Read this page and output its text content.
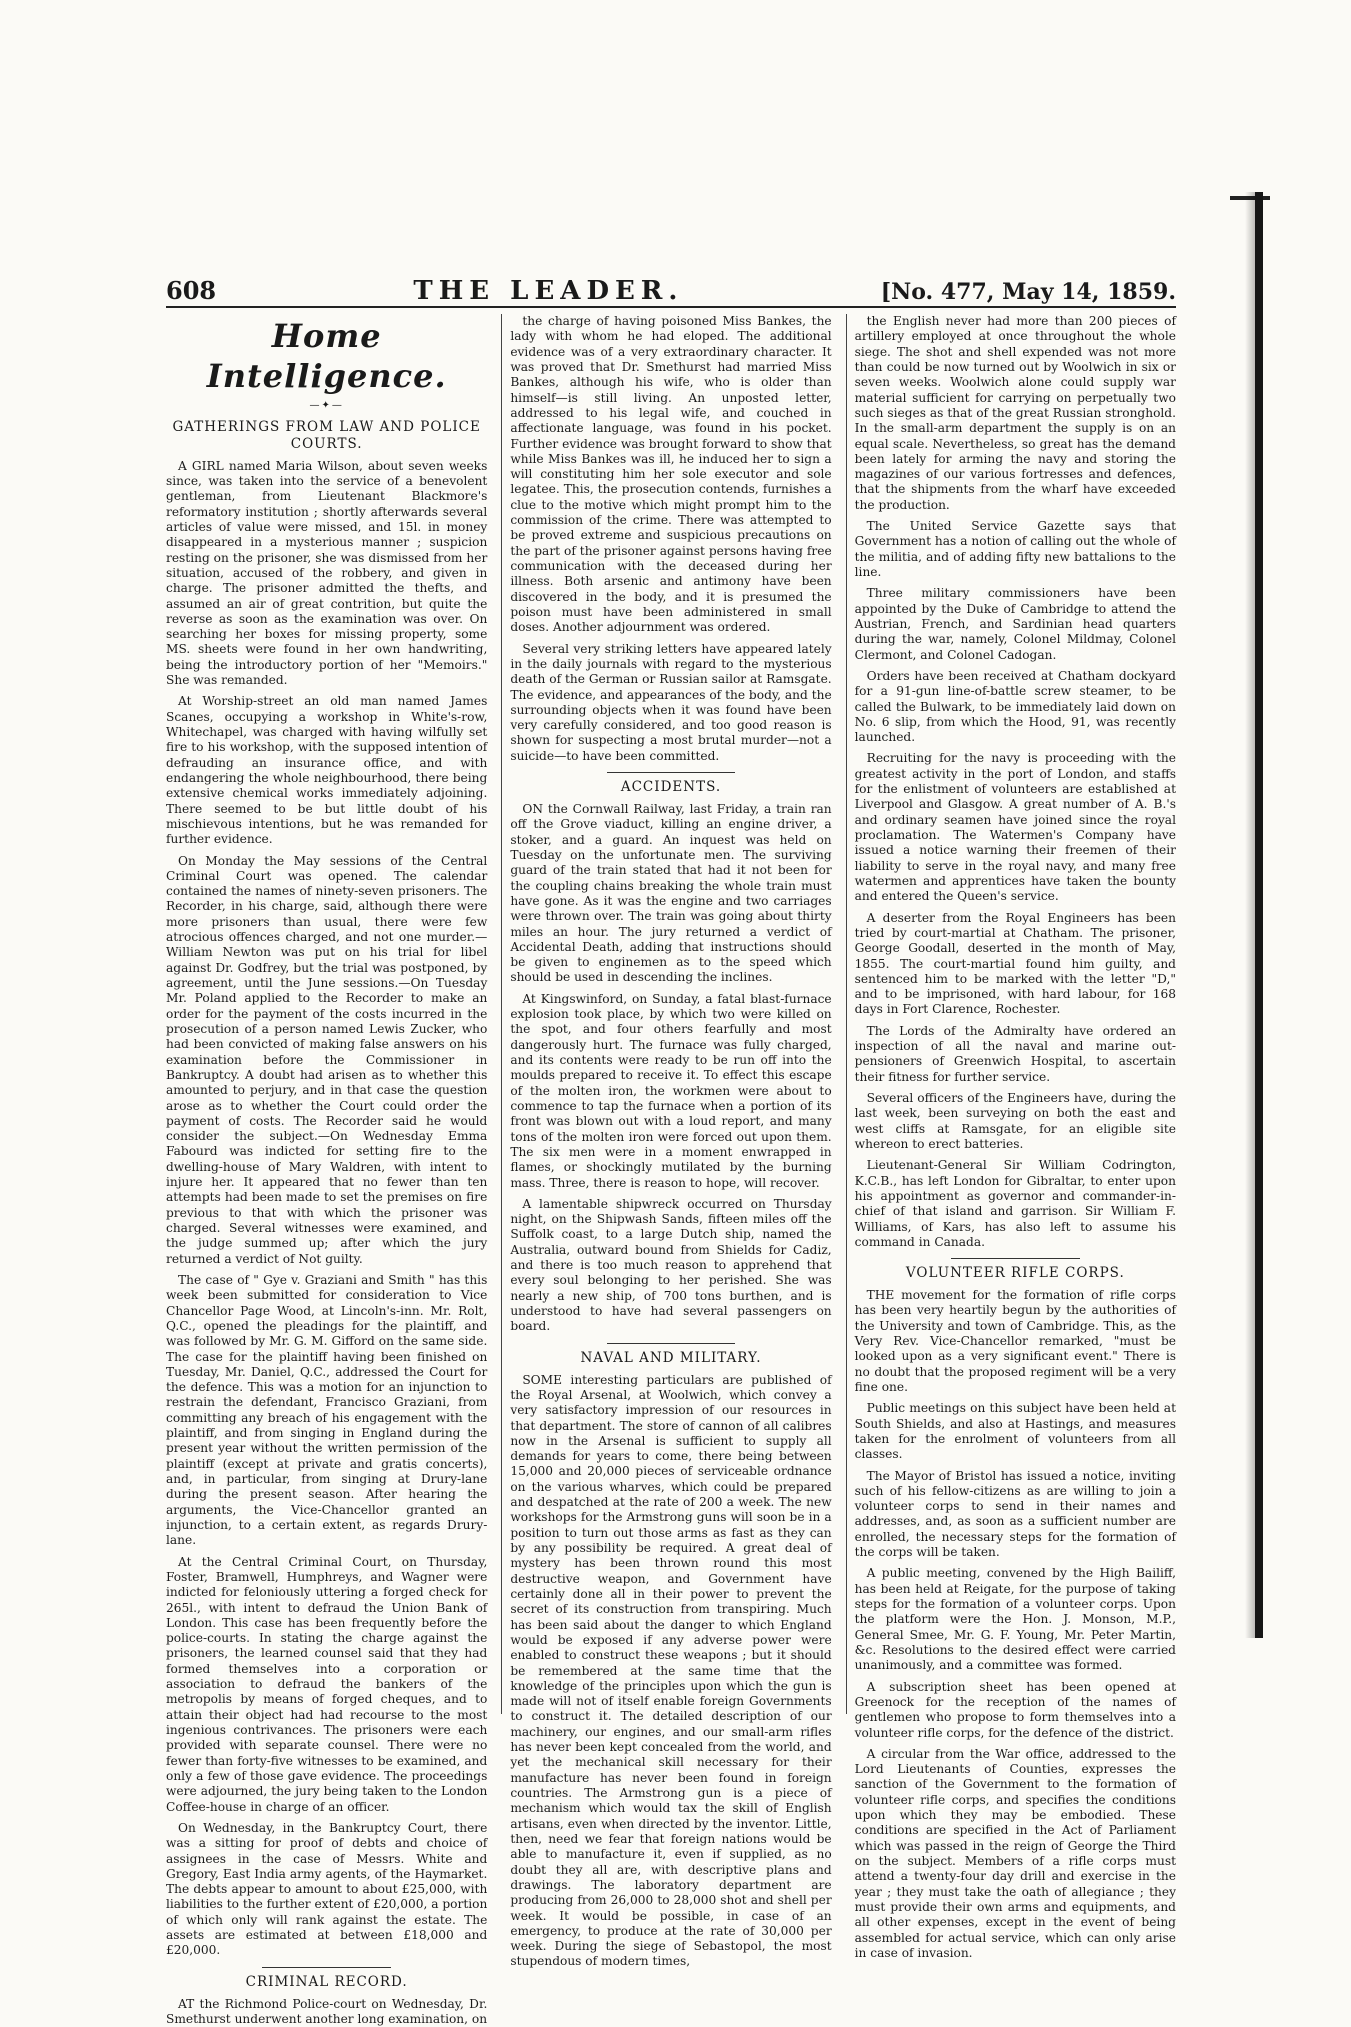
608	THE LEADER.	[No. 477, May 14, 1859.
Home Intelligence.
—✦—
GATHERINGS FROM LAW AND POLICE COURTS.

A GIRL named Maria Wilson, about seven weeks since, was taken into the service of a benevolent gentleman, from Lieutenant Blackmore's reformatory institution ; shortly afterwards several articles of value were missed, and 15l. in money disappeared in a mysterious manner ; suspicion resting on the prisoner, she was dismissed from her situation, accused of the robbery, and given in charge. The prisoner admitted the thefts, and assumed an air of great contrition, but quite the reverse as soon as the examination was over. On searching her boxes for missing property, some MS. sheets were found in her own handwriting, being the introductory portion of her "Memoirs." She was remanded.

At Worship-street an old man named James Scanes, occupying a workshop in White's-row, Whitechapel, was charged with having wilfully set fire to his workshop, with the supposed intention of defrauding an insurance office, and with endangering the whole neighbourhood, there being extensive chemical works immediately adjoining. There seemed to be but little doubt of his mischievous intentions, but he was remanded for further evidence.

On Monday the May sessions of the Central Criminal Court was opened. The calendar contained the names of ninety-seven prisoners. The Recorder, in his charge, said, although there were more prisoners than usual, there were few atrocious offences charged, and not one murder.—William Newton was put on his trial for libel against Dr. Godfrey, but the trial was postponed, by agreement, until the June sessions.—On Tuesday Mr. Poland applied to the Recorder to make an order for the payment of the costs incurred in the prosecution of a person named Lewis Zucker, who had been convicted of making false answers on his examination before the Commissioner in Bankruptcy. A doubt had arisen as to whether this amounted to perjury, and in that case the question arose as to whether the Court could order the payment of costs. The Recorder said he would consider the subject.—On Wednesday Emma Fabourd was indicted for setting fire to the dwelling-house of Mary Waldren, with intent to injure her. It appeared that no fewer than ten attempts had been made to set the premises on fire previous to that with which the prisoner was charged. Several witnesses were examined, and the judge summed up; after which the jury returned a verdict of Not guilty.

The case of " Gye v. Graziani and Smith " has this week been submitted for consideration to Vice Chancellor Page Wood, at Lincoln's-inn. Mr. Rolt, Q.C., opened the pleadings for the plaintiff, and was followed by Mr. G. M. Gifford on the same side. The case for the plaintiff having been finished on Tuesday, Mr. Daniel, Q.C., addressed the Court for the defence. This was a motion for an injunction to restrain the defendant, Francisco Graziani, from committing any breach of his engagement with the plaintiff, and from singing in England during the present year without the written permission of the plaintiff (except at private and gratis concerts), and, in particular, from singing at Drury-lane during the present season. After hearing the arguments, the Vice-Chancellor granted an injunction, to a certain extent, as regards Drury-lane.

At the Central Criminal Court, on Thursday, Foster, Bramwell, Humphreys, and Wagner were indicted for feloniously uttering a forged check for 265l., with intent to defraud the Union Bank of London. This case has been frequently before the police-courts. In stating the charge against the prisoners, the learned counsel said that they had formed themselves into a corporation or association to defraud the bankers of the metropolis by means of forged cheques, and to attain their object had had recourse to the most ingenious contrivances. The prisoners were each provided with separate counsel. There were no fewer than forty-five witnesses to be examined, and only a few of those gave evidence. The proceedings were adjourned, the jury being taken to the London Coffee-house in charge of an officer.

On Wednesday, in the Bankruptcy Court, there was a sitting for proof of debts and choice of assignees in the case of Messrs. White and Gregory, East India army agents, of the Haymarket. The debts appear to amount to about £25,000, with liabilities to the further extent of £20,000, a portion of which only will rank against the estate. The assets are estimated at between £18,000 and £20,000.

CRIMINAL RECORD.

AT the Richmond Police-court on Wednesday, Dr. Smethurst underwent another long examination, on

the charge of having poisoned Miss Bankes, the lady with whom he had eloped. The additional evidence was of a very extraordinary character. It was proved that Dr. Smethurst had married Miss Bankes, although his wife, who is older than himself—is still living. An unposted letter, addressed to his legal wife, and couched in affectionate language, was found in his pocket. Further evidence was brought forward to show that while Miss Bankes was ill, he induced her to sign a will constituting him her sole executor and sole legatee. This, the prosecution contends, furnishes a clue to the motive which might prompt him to the commission of the crime. There was attempted to be proved extreme and suspicious precautions on the part of the prisoner against persons having free communication with the deceased during her illness. Both arsenic and antimony have been discovered in the body, and it is presumed the poison must have been administered in small doses. Another adjournment was ordered.

Several very striking letters have appeared lately in the daily journals with regard to the mysterious death of the German or Russian sailor at Ramsgate. The evidence, and appearances of the body, and the surrounding objects when it was found have been very carefully considered, and too good reason is shown for suspecting a most brutal murder—not a suicide—to have been committed.

ACCIDENTS.

ON the Cornwall Railway, last Friday, a train ran off the Grove viaduct, killing an engine driver, a stoker, and a guard. An inquest was held on Tuesday on the unfortunate men. The surviving guard of the train stated that had it not been for the coupling chains breaking the whole train must have gone. As it was the engine and two carriages were thrown over. The train was going about thirty miles an hour. The jury returned a verdict of Accidental Death, adding that instructions should be given to enginemen as to the speed which should be used in descending the inclines.

At Kingswinford, on Sunday, a fatal blast-furnace explosion took place, by which two were killed on the spot, and four others fearfully and most dangerously hurt. The furnace was fully charged, and its contents were ready to be run off into the moulds prepared to receive it. To effect this escape of the molten iron, the workmen were about to commence to tap the furnace when a portion of its front was blown out with a loud report, and many tons of the molten iron were forced out upon them. The six men were in a moment enwrapped in flames, or shockingly mutilated by the burning mass. Three, there is reason to hope, will recover.

A lamentable shipwreck occurred on Thursday night, on the Shipwash Sands, fifteen miles off the Suffolk coast, to a large Dutch ship, named the Australia, outward bound from Shields for Cadiz, and there is too much reason to apprehend that every soul belonging to her perished. She was nearly a new ship, of 700 tons burthen, and is understood to have had several passengers on board.

NAVAL AND MILITARY.

SOME interesting particulars are published of the Royal Arsenal, at Woolwich, which convey a very satisfactory impression of our resources in that department. The store of cannon of all calibres now in the Arsenal is sufficient to supply all demands for years to come, there being between 15,000 and 20,000 pieces of serviceable ordnance on the various wharves, which could be prepared and despatched at the rate of 200 a week. The new workshops for the Armstrong guns will soon be in a position to turn out those arms as fast as they can by any possibility be required. A great deal of mystery has been thrown round this most destructive weapon, and Government have certainly done all in their power to prevent the secret of its construction from transpiring. Much has been said about the danger to which England would be exposed if any adverse power were enabled to construct these weapons ; but it should be remembered at the same time that the knowledge of the principles upon which the gun is made will not of itself enable foreign Governments to construct it. The detailed description of our machinery, our engines, and our small-arm rifles has never been kept concealed from the world, and yet the mechanical skill necessary for their manufacture has never been found in foreign countries. The Armstrong gun is a piece of mechanism which would tax the skill of English artisans, even when directed by the inventor. Little, then, need we fear that foreign nations would be able to manufacture it, even if supplied, as no doubt they all are, with descriptive plans and drawings. The laboratory department are producing from 26,000 to 28,000 shot and shell per week. It would be possible, in case of an emergency, to produce at the rate of 30,000 per week. During the siege of Sebastopol, the most stupendous of modern times,

the English never had more than 200 pieces of artillery employed at once throughout the whole siege. The shot and shell expended was not more than could be now turned out by Woolwich in six or seven weeks. Woolwich alone could supply war material sufficient for carrying on perpetually two such sieges as that of the great Russian stronghold. In the small-arm department the supply is on an equal scale. Nevertheless, so great has the demand been lately for arming the navy and storing the magazines of our various fortresses and defences, that the shipments from the wharf have exceeded the production.

The United Service Gazette says that Government has a notion of calling out the whole of the militia, and of adding fifty new battalions to the line.

Three military commissioners have been appointed by the Duke of Cambridge to attend the Austrian, French, and Sardinian head quarters during the war, namely, Colonel Mildmay, Colonel Clermont, and Colonel Cadogan.

Orders have been received at Chatham dockyard for a 91-gun line-of-battle screw steamer, to be called the Bulwark, to be immediately laid down on No. 6 slip, from which the Hood, 91, was recently launched.

Recruiting for the navy is proceeding with the greatest activity in the port of London, and staffs for the enlistment of volunteers are established at Liverpool and Glasgow. A great number of A. B.'s and ordinary seamen have joined since the royal proclamation. The Watermen's Company have issued a notice warning their freemen of their liability to serve in the royal navy, and many free watermen and apprentices have taken the bounty and entered the Queen's service.

A deserter from the Royal Engineers has been tried by court-martial at Chatham. The prisoner, George Goodall, deserted in the month of May, 1855. The court-martial found him guilty, and sentenced him to be marked with the letter "D," and to be imprisoned, with hard labour, for 168 days in Fort Clarence, Rochester.

The Lords of the Admiralty have ordered an inspection of all the naval and marine out-pensioners of Greenwich Hospital, to ascertain their fitness for further service.

Several officers of the Engineers have, during the last week, been surveying on both the east and west cliffs at Ramsgate, for an eligible site whereon to erect batteries.

Lieutenant-General Sir William Codrington, K.C.B., has left London for Gibraltar, to enter upon his appointment as governor and commander-in-chief of that island and garrison. Sir William F. Williams, of Kars, has also left to assume his command in Canada.

VOLUNTEER RIFLE CORPS.

THE movement for the formation of rifle corps has been very heartily begun by the authorities of the University and town of Cambridge. This, as the Very Rev. Vice-Chancellor remarked, "must be looked upon as a very significant event." There is no doubt that the proposed regiment will be a very fine one.

Public meetings on this subject have been held at South Shields, and also at Hastings, and measures taken for the enrolment of volunteers from all classes.

The Mayor of Bristol has issued a notice, inviting such of his fellow-citizens as are willing to join a volunteer corps to send in their names and addresses, and, as soon as a sufficient number are enrolled, the necessary steps for the formation of the corps will be taken.

A public meeting, convened by the High Bailiff, has been held at Reigate, for the purpose of taking steps for the formation of a volunteer corps. Upon the platform were the Hon. J. Monson, M.P., General Smee, Mr. G. F. Young, Mr. Peter Martin, &c. Resolutions to the desired effect were carried unanimously, and a committee was formed.

A subscription sheet has been opened at Greenock for the reception of the names of gentlemen who propose to form themselves into a volunteer rifle corps, for the defence of the district.

A circular from the War office, addressed to the Lord Lieutenants of Counties, expresses the sanction of the Government to the formation of volunteer rifle corps, and specifies the conditions upon which they may be embodied. These conditions are specified in the Act of Parliament which was passed in the reign of George the Third on the subject. Members of a rifle corps must attend a twenty-four day drill and exercise in the year ; they must take the oath of allegiance ; they must provide their own arms and equipments, and all other expenses, except in the event of being assembled for actual service, which can only arise in case of invasion.
